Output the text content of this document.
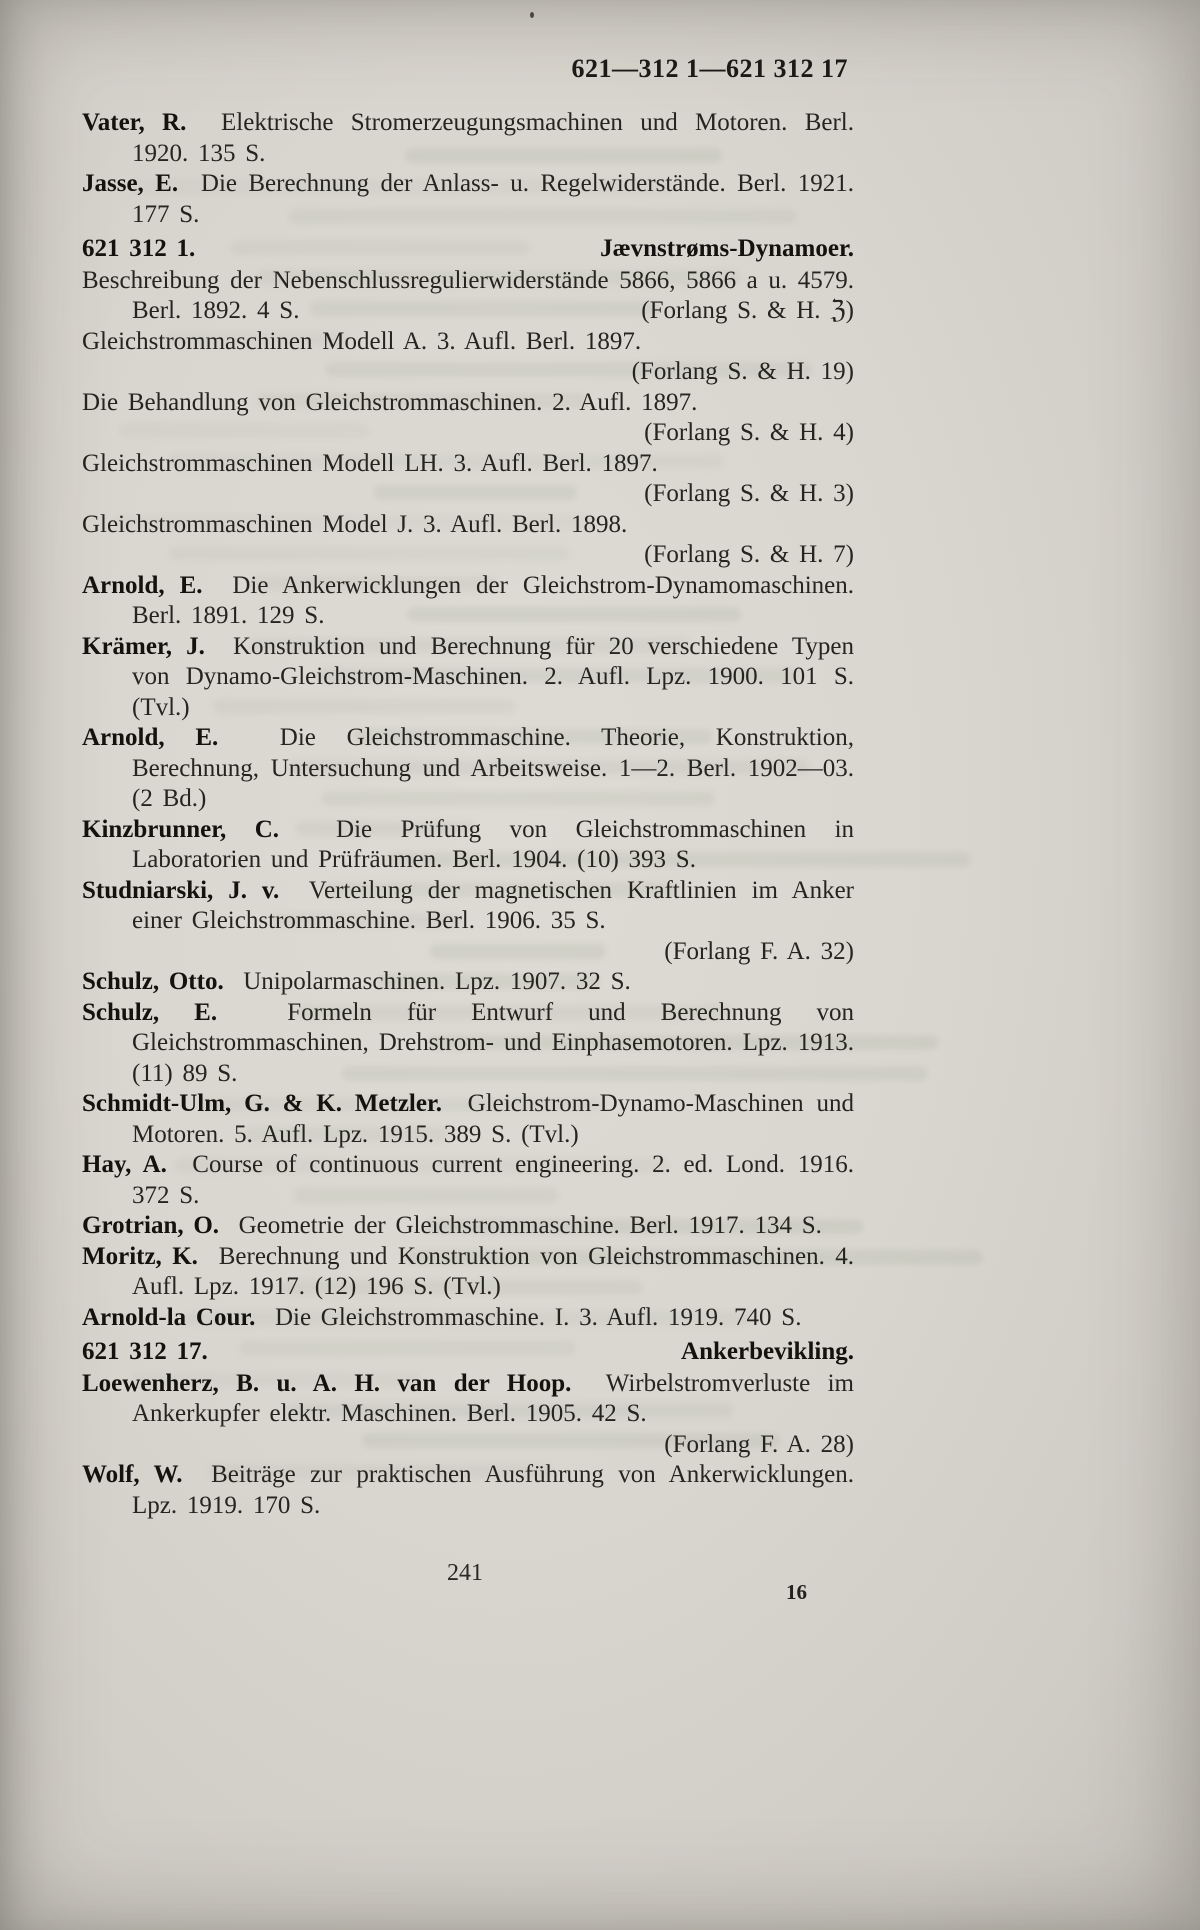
621—312 1—621 312 17

Vater, R. Elektrische Stromerzeugungsmachinen und Motoren. Berl. 1920. 135 S.

Jasse, E. Die Berechnung der Anlass- u. Regelwiderstände. Berl. 1921. 177 S.

621 312 1.	Jævnstrøms-Dynamoer.

Beschreibung der Nebenschlussregulierwiderstände 5866, 5866 a u. 4579. Berl. 1892. 4 S.	(Forlang S. & H. ℨ)

Gleichstrommaschinen Modell A. 3. Aufl. Berl. 1897.

(Forlang S. & H. 19)

Die Behandlung von Gleichstrommaschinen. 2. Aufl. 1897.

(Forlang S. & H. 4)

Gleichstrommaschinen Modell LH. 3. Aufl. Berl. 1897.

(Forlang S. & H. 3)

Gleichstrommaschinen Model J. 3. Aufl. Berl. 1898.

(Forlang S. & H. 7)

Arnold, E. Die Ankerwicklungen der Gleichstrom-Dynamomaschinen. Berl. 1891. 129 S.

Krämer, J. Konstruktion und Berechnung für 20 verschiedene Typen von Dynamo-Gleichstrom-Maschinen. 2. Aufl. Lpz. 1900. 101 S. (Tvl.)

Arnold, E. Die Gleichstrommaschine. Theorie, Konstruktion, Berechnung, Untersuchung und Arbeitsweise. 1—2. Berl. 1902—03. (2 Bd.)

Kinzbrunner, C. Die Prüfung von Gleichstrommaschinen in Laboratorien und Prüfräumen. Berl. 1904. (10) 393 S.

Studniarski, J. v. Verteilung der magnetischen Kraftlinien im Anker einer Gleichstrommaschine. Berl. 1906. 35 S.

(Forlang F. A. 32)

Schulz, Otto. Unipolarmaschinen. Lpz. 1907. 32 S.

Schulz, E.	Formeln für Entwurf und Berechnung von Gleichstrommaschinen, Drehstrom- und Einphasemotoren. Lpz. 1913. (11) 89 S.

Schmidt-Ulm, G. & K. Metzler. Gleichstrom-Dynamo-Maschinen und Motoren. 5. Aufl. Lpz. 1915. 389 S. (Tvl.)

Hay, A. Course of continuous current engineering. 2. ed. Lond. 1916. 372 S.

Grotrian, O. Geometrie der Gleichstrommaschine. Berl. 1917. 134 S.

Moritz, K. Berechnung und Konstruktion von Gleichstrommaschinen. 4. Aufl. Lpz. 1917. (12) 196 S. (Tvl.)

Arnold-la Cour. Die Gleichstrommaschine. I. 3. Aufl. 1919. 740 S.

621 312 17.	Ankerbevikling.

Loewenherz, B. u. A. H. van der Hoop. Wirbelstromverluste im Ankerkupfer elektr. Maschinen. Berl. 1905. 42 S.

(Forlang F. A. 28)

Wolf, W. Beiträge zur praktischen Ausführung von Ankerwicklungen. Lpz. 1919. 170 S.

241
16
